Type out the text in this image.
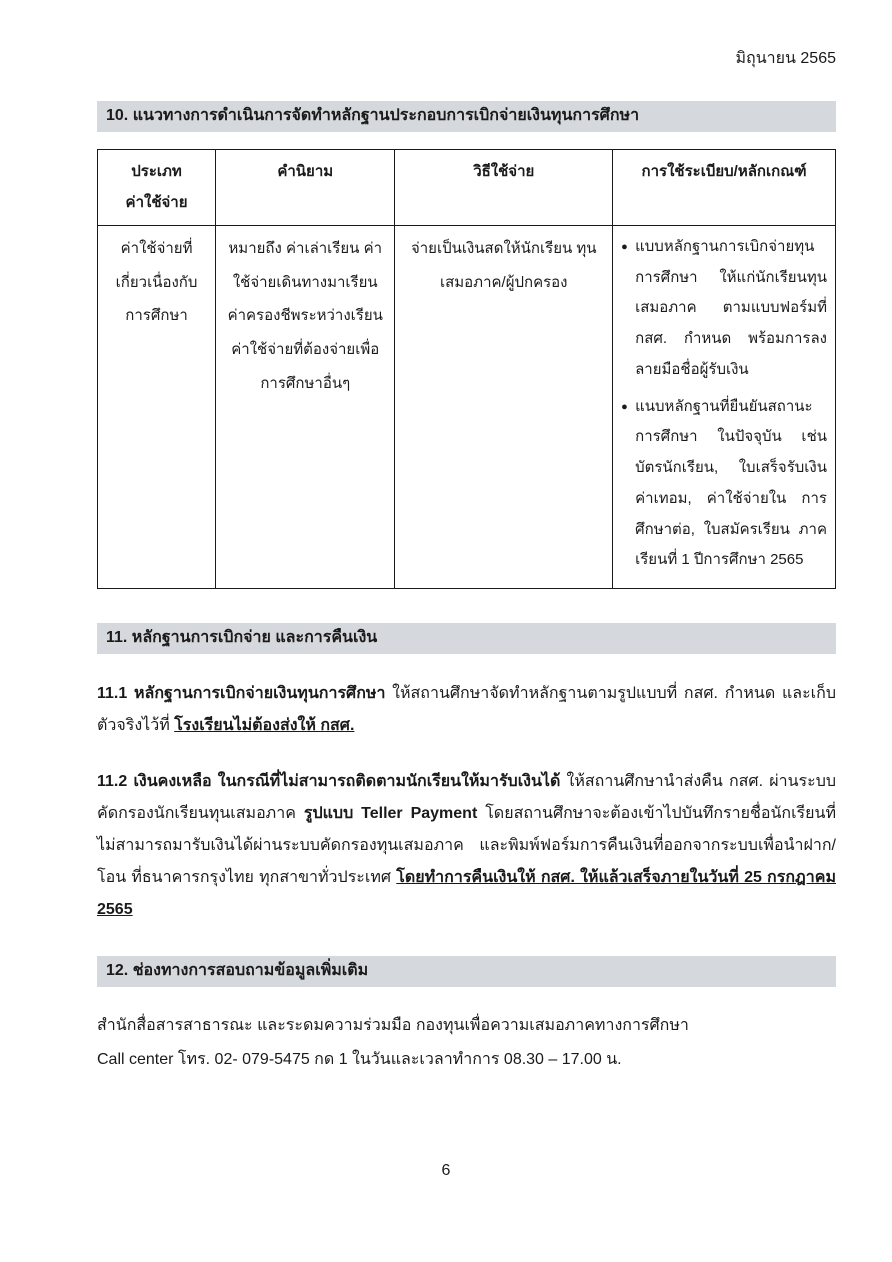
มิถุนายน 2565
10. แนวทางการดำเนินการจัดทำหลักฐานประกอบการเบิกจ่ายเงินทุนการศึกษา
ประเภท
ค่าใช้จ่าย	คำนิยาม	วิธีใช้จ่าย	การใช้ระเบียบ/หลักเกณฑ์
ค่าใช้จ่ายที่ เกี่ยวเนื่องกับ การศึกษา	หมายถึง ค่าเล่าเรียน ค่าใช้จ่ายเดินทางมาเรียน ค่าครองชีพระหว่างเรียน ค่าใช้จ่ายที่ต้องจ่ายเพื่อ การศึกษาอื่นๆ	จ่ายเป็นเงินสดให้นักเรียน ทุนเสมอภาค/ผู้ปกครอง	● แบบหลักฐานการเบิกจ่ายทุนการศึกษา ให้แก่นักเรียนทุนเสมอภาค ตามแบบฟอร์มที่ กสศ. กำหนด พร้อมการลงลายมือชื่อผู้รับเงิน
● แนบหลักฐานที่ยืนยันสถานะการศึกษา ในปัจจุบัน เช่น บัตรนักเรียน, ใบเสร็จรับเงินค่าเทอม, ค่าใช้จ่ายใน การศึกษาต่อ, ใบสมัครเรียน ภาคเรียนที่ 1 ปีการศึกษา 2565
11. หลักฐานการเบิกจ่าย และการคืนเงิน
11.1 หลักฐานการเบิกจ่ายเงินทุนการศึกษา ให้สถานศึกษาจัดทำหลักฐานตามรูปแบบที่ กสศ. กำหนด และเก็บตัวจริงไว้ที่ โรงเรียนไม่ต้องส่งให้ กสศ.
11.2 เงินคงเหลือ ในกรณีที่ไม่สามารถติดตามนักเรียนให้มารับเงินได้ ให้สถานศึกษานำส่งคืน กสศ. ผ่านระบบคัดกรองนักเรียนทุนเสมอภาค รูปแบบ Teller Payment โดยสถานศึกษาจะต้องเข้าไปบันทึกรายชื่อนักเรียนที่ ไม่สามารถมารับเงินได้ผ่านระบบคัดกรองทุนเสมอภาค และพิมพ์ฟอร์มการคืนเงินที่ออกจากระบบเพื่อนำฝาก/โอน ที่ธนาคารกรุงไทย ทุกสาขาทั่วประเทศ โดยทำการคืนเงินให้ กสศ. ให้แล้วเสร็จภายในวันที่ 25 กรกฎาคม 2565
12. ช่องทางการสอบถามข้อมูลเพิ่มเติม
สำนักสื่อสารสาธารณะ และระดมความร่วมมือ กองทุนเพื่อความเสมอภาคทางการศึกษา
Call center โทร. 02- 079-5475 กด 1 ในวันและเวลาทำการ 08.30 – 17.00 น.
6
